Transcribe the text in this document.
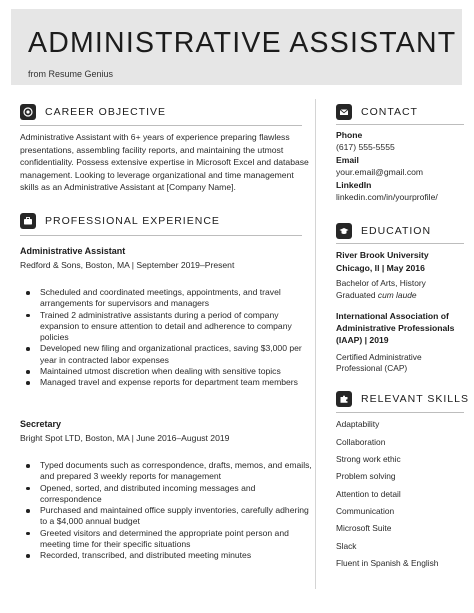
ADMINISTRATIVE ASSISTANT
from Resume Genius
CAREER OBJECTIVE
Administrative Assistant with 6+ years of experience preparing flawless presentations, assembling facility reports, and maintaining the utmost confidentiality. Possess extensive expertise in Microsoft Excel and database management. Looking to leverage organizational and time management skills as an Administrative Assistant at [Company Name].
PROFESSIONAL EXPERIENCE
Administrative Assistant
Redford & Sons, Boston, MA | September 2019–Present
Scheduled and coordinated meetings, appointments, and travel arrangements for supervisors and managers
Trained 2 administrative assistants during a period of company expansion to ensure attention to detail and adherence to company policies
Developed new filing and organizational practices, saving $3,000 per year in contracted labor expenses
Maintained utmost discretion when dealing with sensitive topics
Managed travel and expense reports for department team members
Secretary
Bright Spot LTD, Boston, MA | June 2016–August 2019
Typed documents such as correspondence, drafts, memos, and emails, and prepared 3 weekly reports for management
Opened, sorted, and distributed incoming messages and correspondence
Purchased and maintained office supply inventories, carefully adhering to a $4,000 annual budget
Greeted visitors and determined the appropriate point person and meeting time for their specific situations
Recorded, transcribed, and distributed meeting minutes
CONTACT
Phone
(617) 555-5555
Email
your.email@gmail.com
LinkedIn
linkedin.com/in/yourprofile/
EDUCATION
River Brook University
Chicago, Il | May 2016
Bachelor of Arts, History
Graduated cum laude
International Association of Administrative Professionals (IAAP) | 2019
Certified Administrative Professional (CAP)
RELEVANT SKILLS
Adaptability
Collaboration
Strong work ethic
Problem solving
Attention to detail
Communication
Microsoft Suite
Slack
Fluent in Spanish & English
